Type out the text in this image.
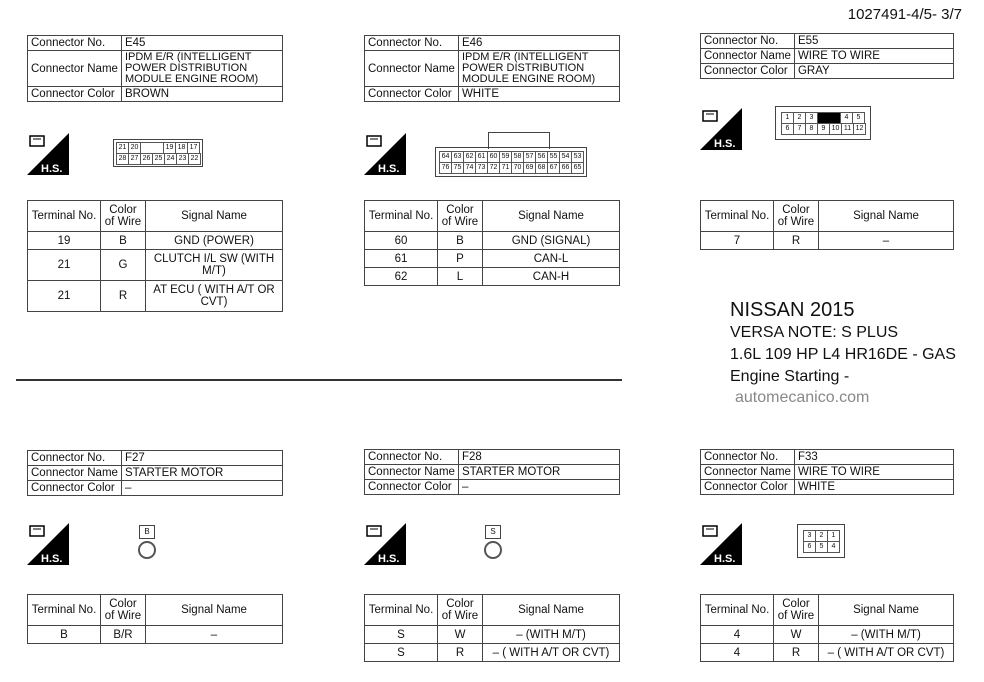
1027491-4/5- 3/7
Connector No.	E45
Connector Name	IPDM E/R (INTELLIGENT POWER DISTRIBUTION MODULE ENGINE ROOM)
Connector Color	BROWN
H.S.
21 20	19 18 17
28 27 26 25 24 23 22
Terminal No.	Color of Wire	Signal Name
19	B	GND (POWER)
21	G	CLUTCH I/L SW (WITH M/T)
21	R	AT ECU ( WITH A/T OR CVT)
Connector No.	E46
Connector Name	IPDM E/R (INTELLIGENT POWER DISTRIBUTION MODULE ENGINE ROOM)
Connector Color	WHITE
H.S.
64 63 62 61 60 59 58 57 56 55 54 53
76 75 74 73 72 71 70 69 68 67 66 65
Terminal No.	Color of Wire	Signal Name
60	B	GND (SIGNAL)
61	P	CAN-L
62	L	CAN-H
Connector No.	E55
Connector Name	WIRE TO WIRE
Connector Color	GRAY
H.S.
1	2	3	4	5
6	7	8	9 10 11 12
Terminal No.	Color of Wire	Signal Name
7	R	–
NISSAN 2015
VERSA NOTE: S PLUS
1.6L 109 HP L4 HR16DE - GAS
Engine Starting -
automecanico.com
Connector No.	F27
Connector Name	STARTER MOTOR
Connector Color	–
H.S.
B
Terminal No.	Color of Wire	Signal Name
B	B/R	–
Connector No.	F28
Connector Name	STARTER MOTOR
Connector Color	–
H.S.
S
Terminal No.	Color of Wire	Signal Name
S	W	– (WITH M/T)
S	R	– ( WITH A/T OR CVT)
Connector No.	F33
Connector Name	WIRE TO WIRE
Connector Color	WHITE
H.S.
3	2	1
6	5	4
Terminal No.	Color of Wire	Signal Name
4	W	– (WITH M/T)
4	R	– ( WITH A/T OR CVT)
